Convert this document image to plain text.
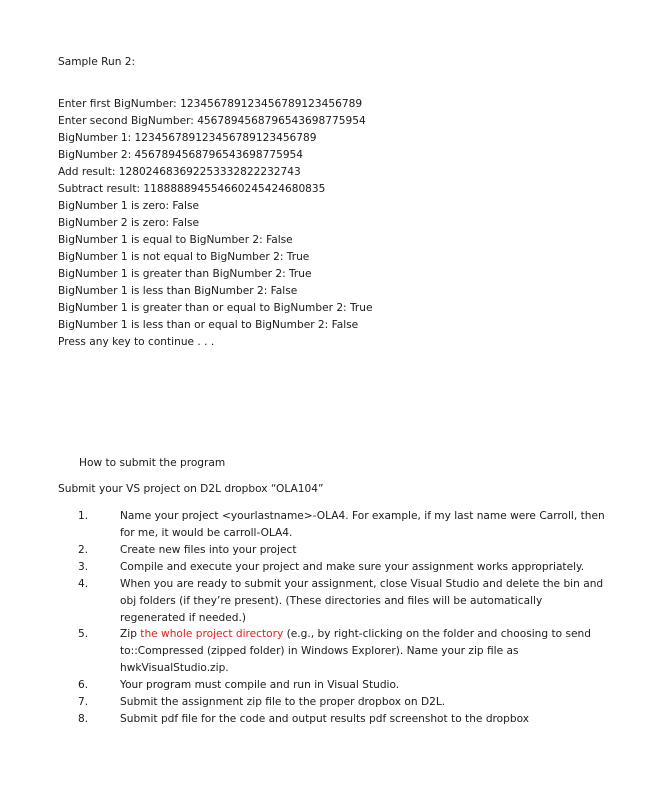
Sample Run 2:
Enter first BigNumber: 123456789123456789123456789
Enter second BigNumber: 4567894568796543698775954
BigNumber 1: 123456789123456789123456789
BigNumber 2: 4567894568796543698775954
Add result: 128024683692253332822232743
Subtract result: 118888894554660245424680835
BigNumber 1 is zero: False
BigNumber 2 is zero: False
BigNumber 1 is equal to BigNumber 2: False
BigNumber 1 is not equal to BigNumber 2: True
BigNumber 1 is greater than BigNumber 2: True
BigNumber 1 is less than BigNumber 2: False
BigNumber 1 is greater than or equal to BigNumber 2: True
BigNumber 1 is less than or equal to BigNumber 2: False
Press any key to continue . . .
How to submit the program
Submit your VS project on D2L dropbox “OLA104”
1.	Name your project <yourlastname>-OLA4. For example, if my last name were Carroll, then for me, it would be carroll-OLA4.
2.	Create new files into your project
3.	Compile and execute your project and make sure your assignment works appropriately.
4.	When you are ready to submit your assignment, close Visual Studio and delete the bin and obj folders (if they’re present). (These directories and files will be automatically regenerated if needed.)
5.	Zip the whole project directory (e.g., by right-clicking on the folder and choosing to send to::Compressed (zipped folder) in Windows Explorer). Name your zip file as hwkVisualStudio.zip.
6.	Your program must compile and run in Visual Studio.
7.	Submit the assignment zip file to the proper dropbox on D2L.
8.	Submit pdf file for the code and output results pdf screenshot to the dropbox
